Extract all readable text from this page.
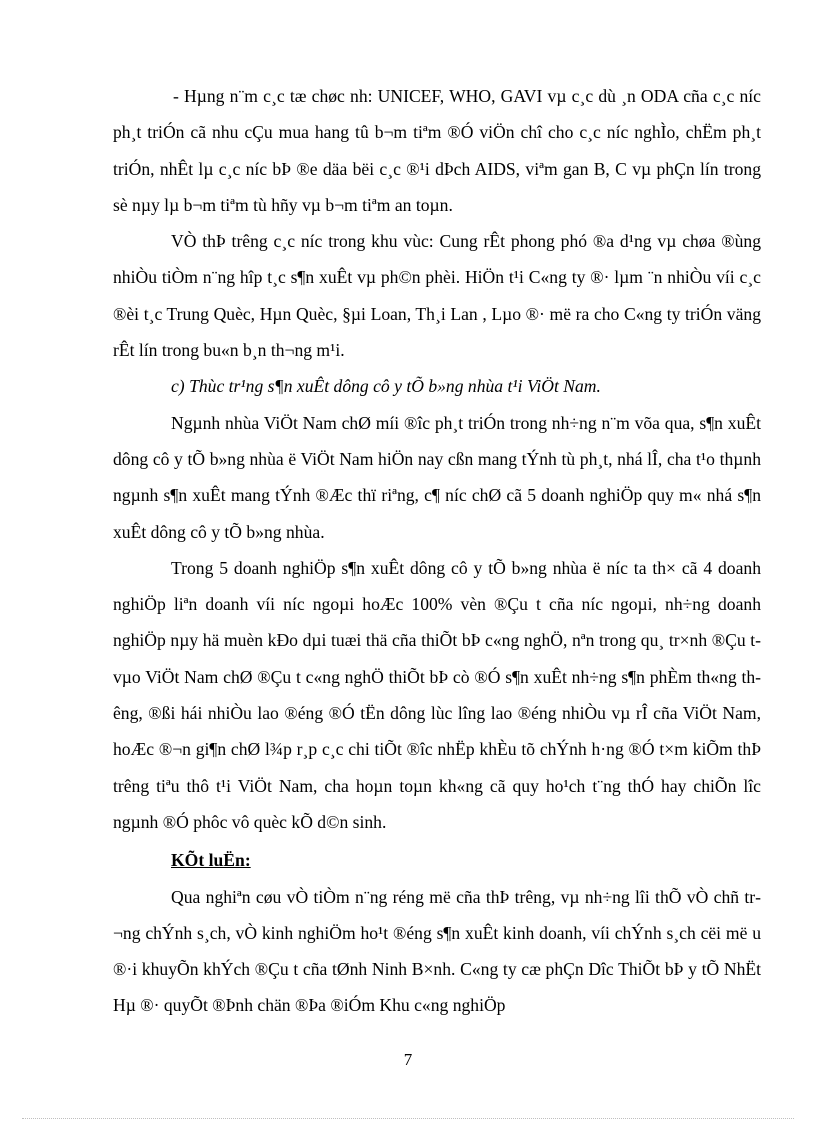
- Hµng n¨m c¸c tæ chøc nh: UNICEF, WHO, GAVI vµ c¸c dù ¸n ODA cña c¸c níc ph¸t triÓn cã nhu cÇu mua hang tû b¬m tiªm ®Ó viÖn chî cho c¸c níc nghÌo, chËm ph¸t triÓn, nhÊt lµ c¸c níc bÞ ®e däa bëi c¸c ®¹i dÞch AIDS, viªm gan B, C vµ phÇn lín trong sè nµy lµ b¬m tiªm tù hñy vµ b¬m tiªm an toµn.

VÒ thÞ trêng c¸c níc trong khu vùc: Cung rÊt phong phó ®a d¹ng vµ chøa ®ùng nhiÒu tiÒm n¨ng hîp t¸c s¶n xuÊt vµ ph©n phèi. HiÖn t¹i C«ng ty ®· lµm ¨n nhiÒu víi c¸c ®èi t¸c Trung Quèc, Hµn Quèc, §µi Loan, Th¸i Lan , Lµo ®· më ra cho C«ng ty triÓn väng rÊt lín trong bu«n b¸n th¬ng m¹i.

c) Thùc tr¹ng s¶n xuÊt dông cô y tÕ b»ng nhùa t¹i ViÖt Nam.

Ngµnh nhùa ViÖt Nam chØ míi ®îc ph¸t triÓn trong nh÷ng n¨m võa qua, s¶n xuÊt dông cô y tÕ b»ng nhùa ë ViÖt Nam hiÖn nay cßn mang tÝnh tù ph¸t, nhá lÎ, cha t¹o thµnh ngµnh s¶n xuÊt mang tÝnh ®Æc thï riªng, c¶ níc chØ cã 5 doanh nghiÖp quy m« nhá s¶n xuÊt dông cô y tÕ b»ng nhùa.

Trong 5 doanh nghiÖp s¶n xuÊt dông cô y tÕ b»ng nhùa ë níc ta th× cã 4 doanh nghiÖp liªn doanh víi níc ngoµi hoÆc 100% vèn ®Çu t cña níc ngoµi, nh÷ng doanh nghiÖp nµy hä muèn kÐo dµi tuæi thä cña thiÕt bÞ c«ng nghÖ, nªn trong qu¸ tr×nh ®Çu t vµo ViÖt Nam chØ ®Çu t c«ng nghÖ thiÕt bÞ cò ®Ó s¶n xuÊt nh÷ng s¶n phÈm th«ng thêng, ®ßi hái nhiÒu lao ®éng ®Ó tËn dông lùc lîng lao ®éng nhiÒu vµ rÎ cña ViÖt Nam, hoÆc ®¬n gi¶n chØ l¾p r¸p c¸c chi tiÕt ®îc nhËp khÈu tõ chÝnh h·ng ®Ó t×m kiÕm thÞ trêng tiªu thô t¹i ViÖt Nam, cha hoµn toµn kh«ng cã quy ho¹ch t¨ng thÓ hay chiÕn lîc ngµnh ®Ó phôc vô quèc kÕ d©n sinh.

KÕt luËn:

Qua nghiªn cøu vÒ tiÒm n¨ng réng më cña thÞ trêng, vµ nh÷ng lîi thÕ vÒ chñ tr¬ng chÝnh s¸ch, vÒ kinh nghiÖm ho¹t ®éng s¶n xuÊt kinh doanh, víi chÝnh s¸ch cëi më u ®·i khuyÕn khÝch ®Çu t cña tØnh Ninh B×nh. C«ng ty cæ phÇn Dîc ThiÕt bÞ y tÕ NhËt Hµ ®· quyÕt ®Þnh chän ®Þa ®iÓm Khu c«ng nghiÖp

7
